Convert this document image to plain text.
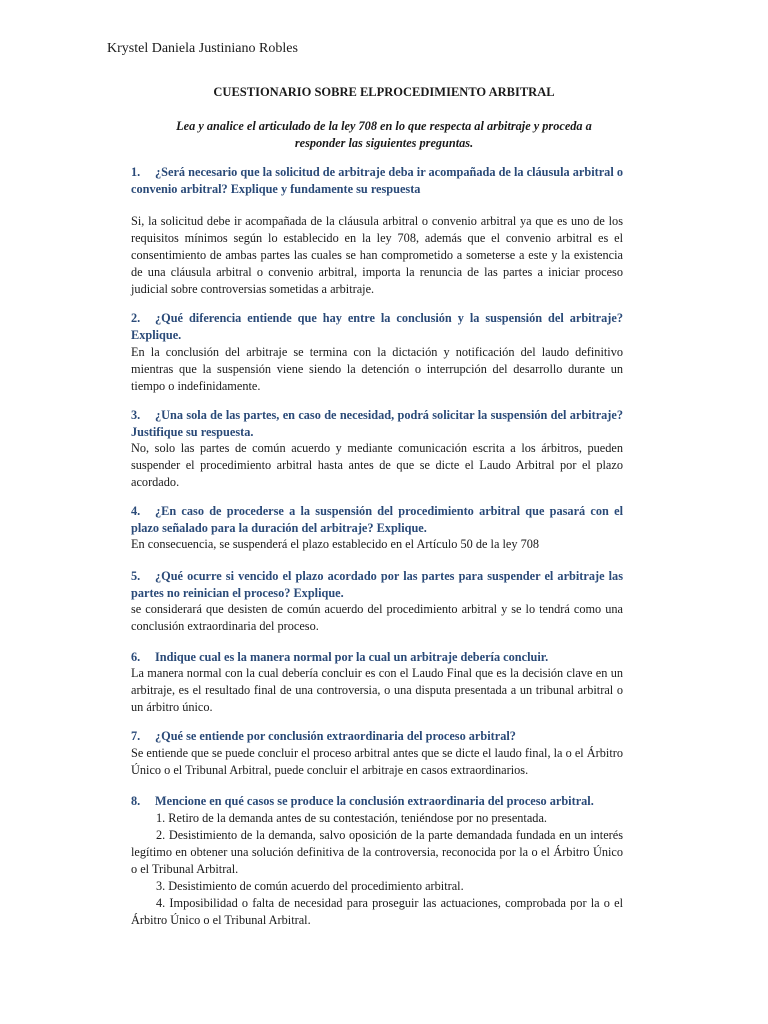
Krystel Daniela Justiniano Robles
CUESTIONARIO SOBRE ELPROCEDIMIENTO ARBITRAL
Lea y analice el articulado de la ley 708 en lo que respecta al arbitraje y proceda a
responder las siguientes preguntas.
1. ¿Será necesario que la solicitud de arbitraje deba ir acompañada de la cláusula arbitral o convenio arbitral? Explique y fundamente su respuesta
Si, la solicitud debe ir acompañada de la cláusula arbitral o convenio arbitral ya que es uno de los requisitos mínimos según lo establecido en la ley 708, además que el convenio arbitral es el consentimiento de ambas partes las cuales se han comprometido a someterse a este y la existencia de una cláusula arbitral o convenio arbitral, importa la renuncia de las partes a iniciar proceso judicial sobre controversias sometidas a arbitraje.
2. ¿Qué diferencia entiende que hay entre la conclusión y la suspensión del arbitraje? Explique.
En la conclusión del arbitraje se termina con la dictación y notificación del laudo definitivo mientras que la suspensión viene siendo la detención o interrupción del desarrollo durante un tiempo o indefinidamente.
3. ¿Una sola de las partes, en caso de necesidad, podrá solicitar la suspensión del arbitraje? Justifique su respuesta.
No, solo las partes de común acuerdo y mediante comunicación escrita a los árbitros, pueden suspender el procedimiento arbitral hasta antes de que se dicte el Laudo Arbitral por el plazo acordado.
4. ¿En caso de procederse a la suspensión del procedimiento arbitral que pasará con el plazo señalado para la duración del arbitraje? Explique.
En consecuencia, se suspenderá el plazo establecido en el Artículo 50 de la ley 708
5. ¿Qué ocurre si vencido el plazo acordado por las partes para suspender el arbitraje las partes no reinician el proceso? Explique.
se considerará que desisten de común acuerdo del procedimiento arbitral y se lo tendrá como una conclusión extraordinaria del proceso.
6. Indique cual es la manera normal por la cual un arbitraje debería concluir.
La manera normal con la cual debería concluir es con el Laudo Final que es la decisión clave en un arbitraje, es el resultado final de una controversia, o una disputa presentada a un tribunal arbitral o un árbitro único.
7. ¿Qué se entiende por conclusión extraordinaria del proceso arbitral?
Se entiende que se puede concluir el proceso arbitral antes que se dicte el laudo final, la o el Árbitro Único o el Tribunal Arbitral, puede concluir el arbitraje en casos extraordinarios.
8. Mencione en qué casos se produce la conclusión extraordinaria del proceso arbitral.
1. Retiro de la demanda antes de su contestación, teniéndose por no presentada.
2. Desistimiento de la demanda, salvo oposición de la parte demandada fundada en un interés legítimo en obtener una solución definitiva de la controversia, reconocida por la o el Árbitro Único o el Tribunal Arbitral.
3. Desistimiento de común acuerdo del procedimiento arbitral.
4. Imposibilidad o falta de necesidad para proseguir las actuaciones, comprobada por la o el Árbitro Único o el Tribunal Arbitral.
